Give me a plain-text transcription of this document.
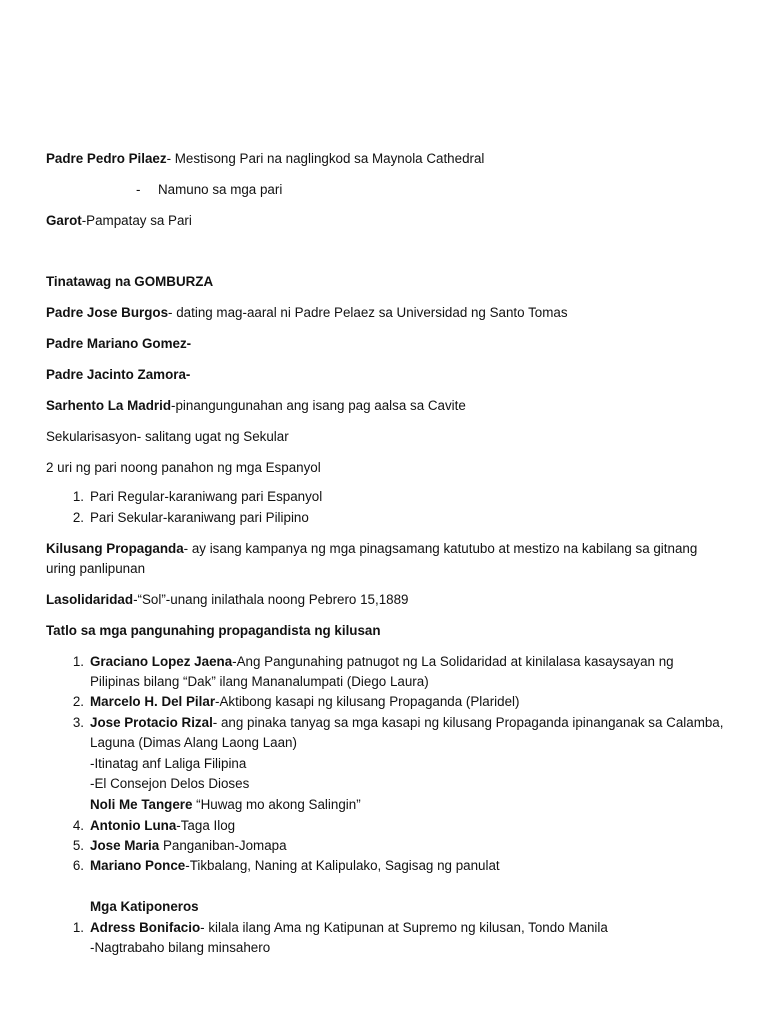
Padre Pedro Pilaez- Mestisong Pari na naglingkod sa Maynola Cathedral
- Namuno sa mga pari
Garot-Pampatay sa Pari
Tinatawag na GOMBURZA
Padre Jose Burgos- dating mag-aaral ni Padre Pelaez sa Universidad ng Santo Tomas
Padre Mariano Gomez-
Padre Jacinto Zamora-
Sarhento La Madrid-pinangungunahan ang isang pag aalsa sa Cavite
Sekularisasyon- salitang ugat ng Sekular
2 uri ng pari noong panahon ng mga Espanyol
1. Pari Regular-karaniwang pari Espanyol
2. Pari Sekular-karaniwang pari Pilipino
Kilusang Propaganda- ay isang kampanya ng mga pinagsamang katutubo at mestizo na kabilang sa gitnang uring panlipunan
Lasolidaridad-“Sol”-unang inilathala noong Pebrero 15,1889
Tatlo sa mga pangunahing propagandista ng kilusan
1. Graciano Lopez Jaena-Ang Pangunahing patnugot ng La Solidaridad at kinilalasa kasaysayan ng Pilipinas bilang “Dak” ilang Mananalumpati (Diego Laura)
2. Marcelo H. Del Pilar-Aktibong kasapi ng kilusang Propaganda (Plaridel)
3. Jose Protacio Rizal- ang pinaka tanyag sa mga kasapi ng kilusang Propaganda ipinanganak sa Calamba, Laguna (Dimas Alang Laong Laan)
-Itinatag anf Laliga Filipina
-El Consejon Delos Dioses
Noli Me Tangere “Huwag mo akong Salingin”
4. Antonio Luna-Taga Ilog
5. Jose Maria Panganiban-Jomapa
6. Mariano Ponce-Tikbalang, Naning at Kalipulako, Sagisag ng panulat
Mga Katiponeros
1. Adress Bonifacio- kilala ilang Ama ng Katipunan at Supremo ng kilusan, Tondo Manila
-Nagtrabaho bilang minsahero
